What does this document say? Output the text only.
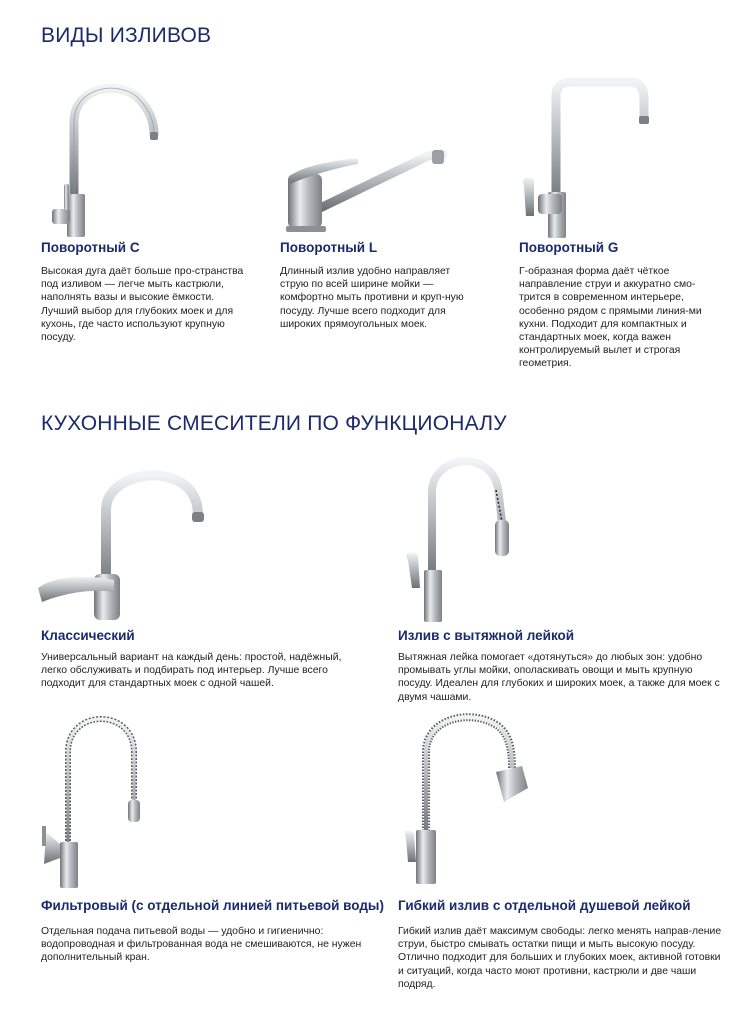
ВИДЫ ИЗЛИВОВ
Поворотный C

Высокая дуга даёт больше про-странства под изливом — легче мыть кастрюли, наполнять вазы и высокие ёмкости. Лучший выбор для глубоких моек и для кухонь, где часто используют крупную посуду.

Поворотный L

Длинный излив удобно направляет струю по всей ширине мойки — комфортно мыть противни и круп-ную посуду. Лучше всего подходит для широких прямоугольных моек.

Поворотный G

Г-образная форма даёт чёткое направление струи и аккуратно смо-трится в современном интерьере, особенно рядом с прямыми линия-ми кухни. Подходит для компактных и стандартных моек, когда важен контролируемый вылет и строгая геометрия.

КУХОННЫЕ СМЕСИТЕЛИ ПО ФУНКЦИОНАЛУ
Классический

Универсальный вариант на каждый день: простой, надёжный, легко обслуживать и подбирать под интерьер. Лучше всего подходит для стандартных моек с одной чашей.

Излив с вытяжной лейкой

Вытяжная лейка помогает «дотянуться» до любых зон: удобно промывать углы мойки, ополаскивать овощи и мыть крупную посуду. Идеален для глубоких и широких моек, а также для моек с двумя чашами.

Фильтровый (с отдельной линией питьевой воды)

Отдельная подача питьевой воды — удобно и гигиенично: водопроводная и фильтрованная вода не смешиваются, не нужен дополнительный кран.

Гибкий излив с отдельной душевой лейкой

Гибкий излив даёт максимум свободы: легко менять направ-ление струи, быстро смывать остатки пищи и мыть высокую посуду. Отлично подходит для больших и глубоких моек, активной готовки и ситуаций, когда часто моют противни, кастрюли и две чаши подряд.
